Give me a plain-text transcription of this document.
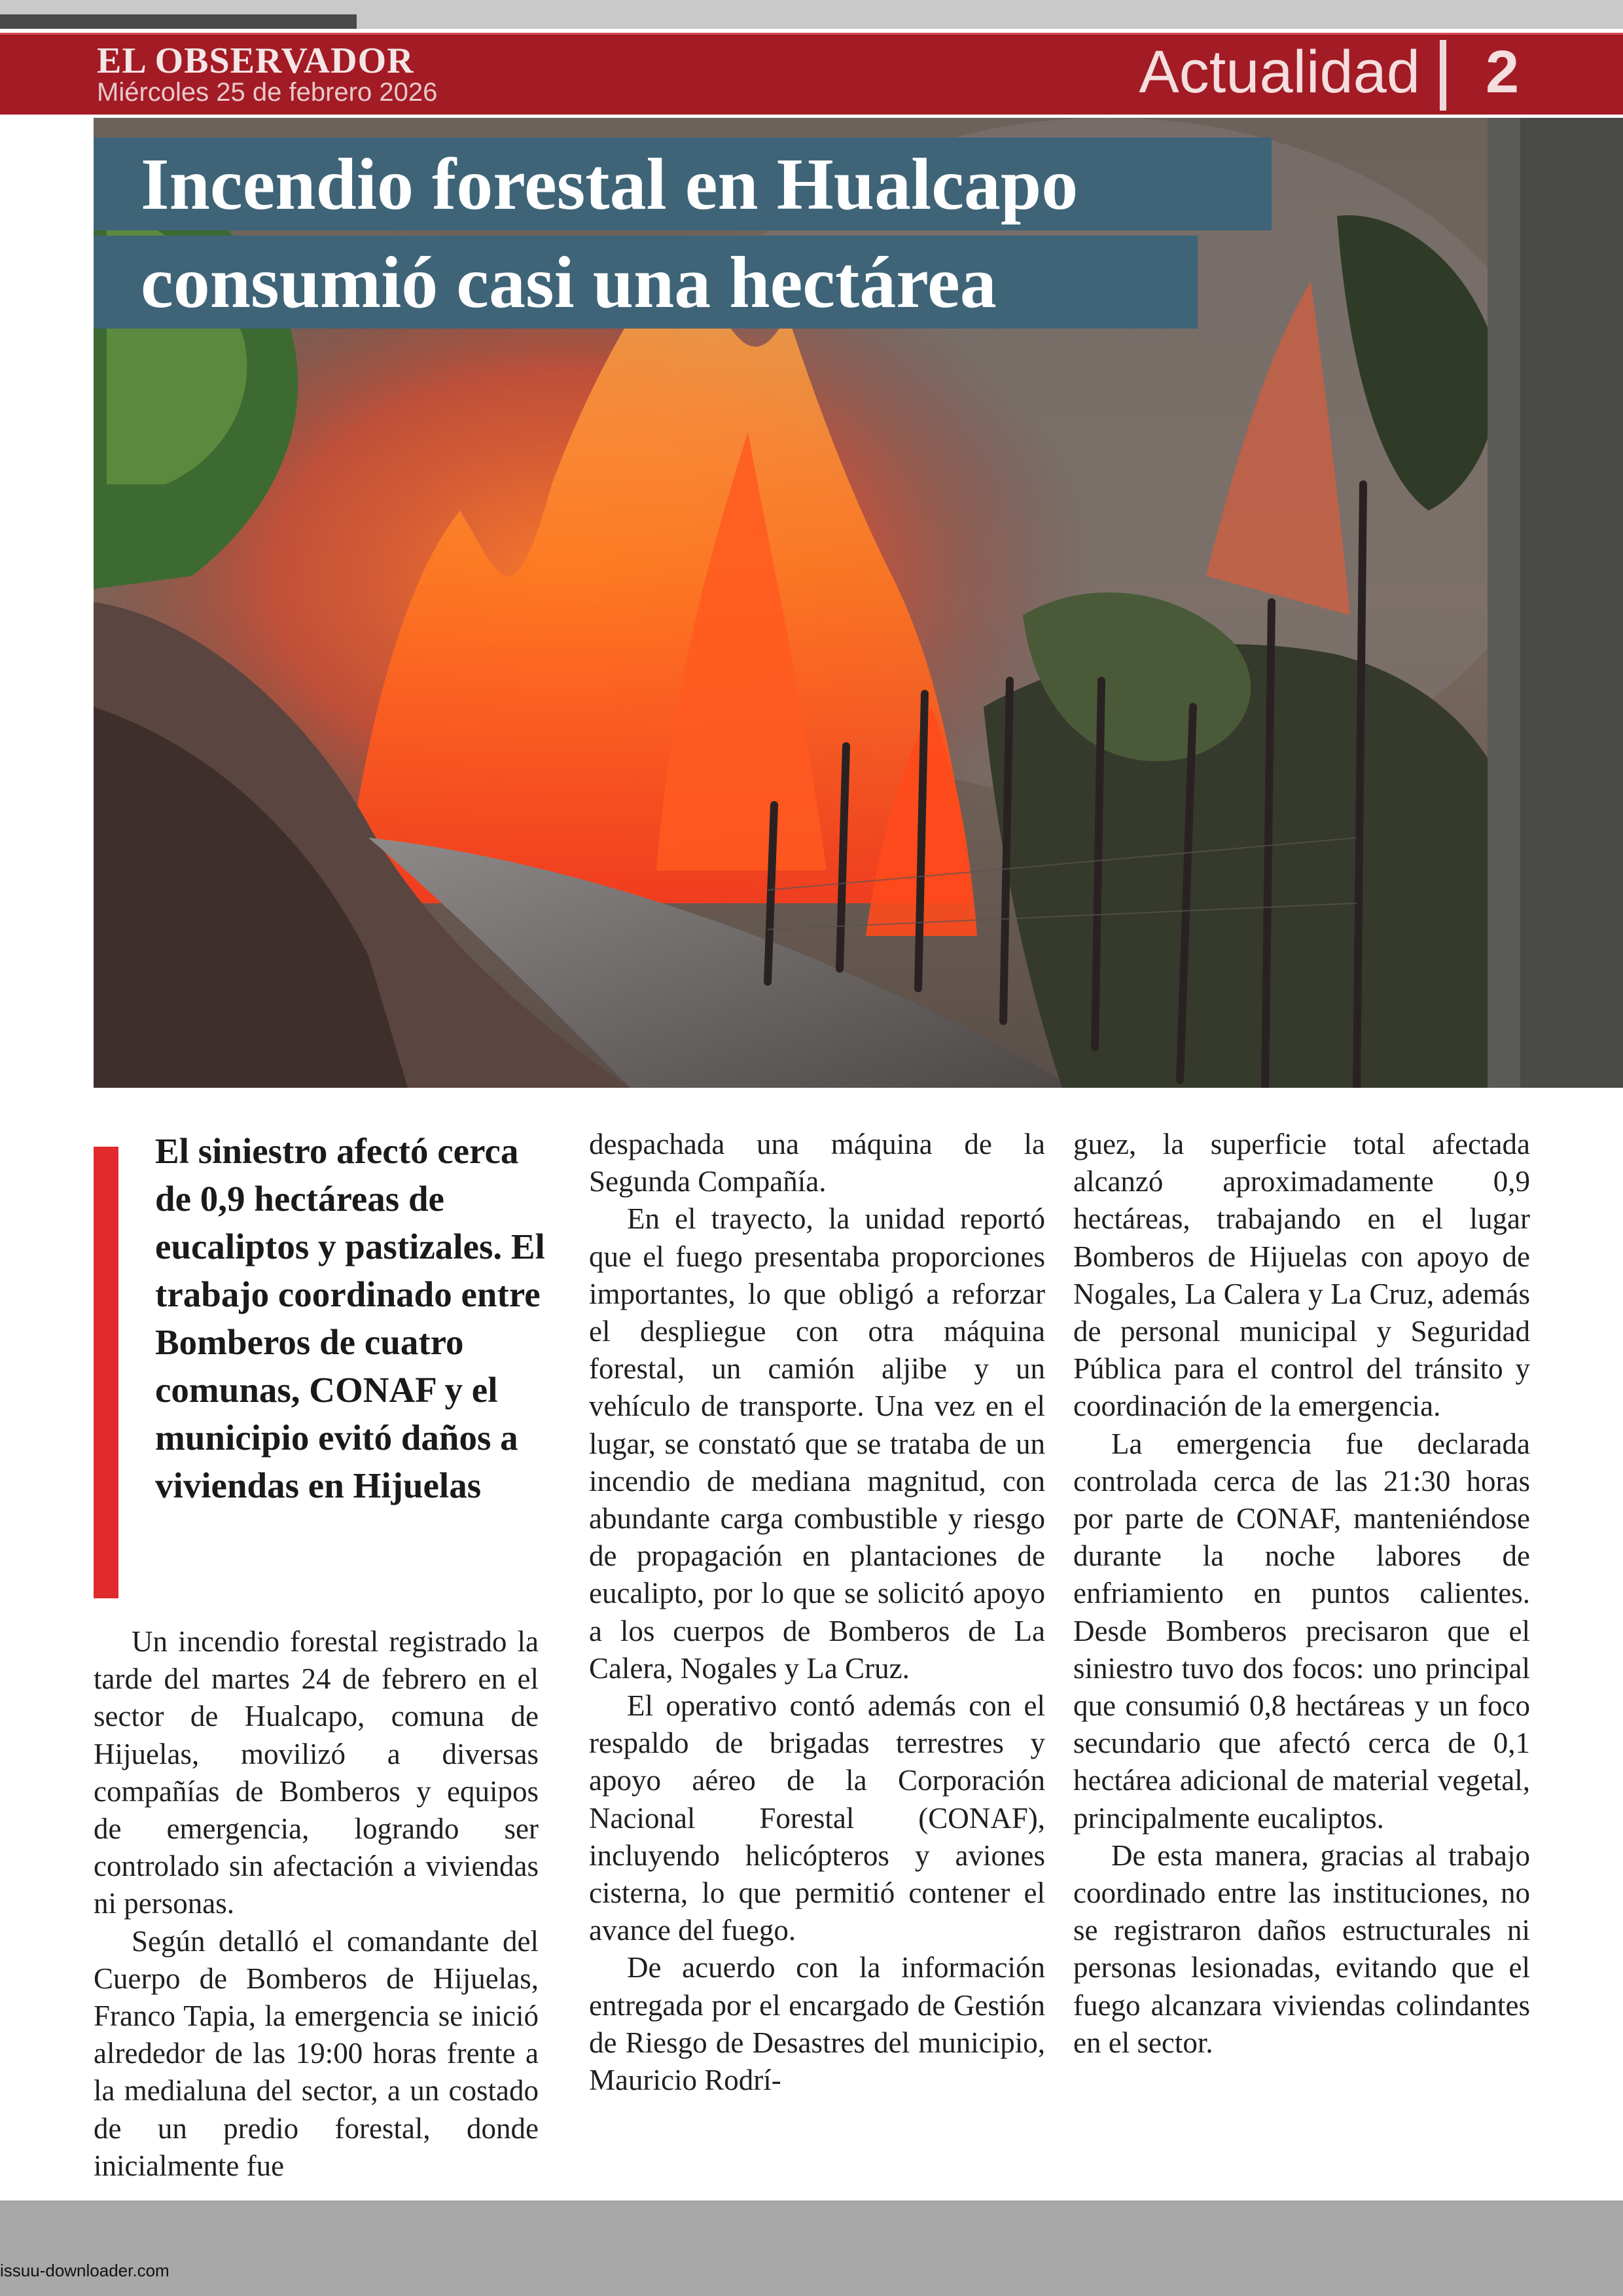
EL OBSERVADOR
Miércoles 25 de febrero 2026	Actualidad 2
Incendio forestal en Hualcapo
consumió casi una hectárea
El siniestro afectó cerca de 0,9 hectáreas de eucaliptos y pastizales. El trabajo coordinado entre Bomberos de cuatro comunas, CONAF y el municipio evitó daños a viviendas en Hijuelas

Un incendio forestal registrado la tarde del martes 24 de febrero en el sector de Hualcapo, comuna de Hijuelas, movilizó a diversas compañías de Bomberos y equipos de emergencia, logrando ser controlado sin afectación a viviendas ni personas.

Según detalló el comandante del Cuerpo de Bomberos de Hijuelas, Franco Tapia, la emergencia se inició alrededor de las 19:00 horas frente a la medialuna del sector, a un costado de un predio forestal, donde inicialmente fue

despachada una máquina de la Segunda Compañía.

En el trayecto, la unidad reportó que el fuego presentaba proporciones importantes, lo que obligó a reforzar el despliegue con otra máquina forestal, un camión aljibe y un vehículo de transporte. Una vez en el lugar, se constató que se trataba de un incendio de mediana magnitud, con abundante carga combustible y riesgo de propagación en plantaciones de eucalipto, por lo que se solicitó apoyo a los cuerpos de Bomberos de La Calera, Nogales y La Cruz.

El operativo contó además con el respaldo de brigadas terrestres y apoyo aéreo de la Corporación Nacional Forestal (CONAF), incluyendo helicópteros y aviones cisterna, lo que permitió contener el avance del fuego.

De acuerdo con la información entregada por el encargado de Gestión de Riesgo de Desastres del municipio, Mauricio Rodrí-

guez, la superficie total afectada alcanzó aproximadamente 0,9 hectáreas, trabajando en el lugar Bomberos de Hijuelas con apoyo de Nogales, La Calera y La Cruz, además de personal municipal y Seguridad Pública para el control del tránsito y coordinación de la emergencia.

La emergencia fue declarada controlada cerca de las 21:30 horas por parte de CONAF, manteniéndose durante la noche labores de enfriamiento en puntos calientes. Desde Bomberos precisaron que el siniestro tuvo dos focos: uno principal que consumió 0,8 hectáreas y un foco secundario que afectó cerca de 0,1 hectárea adicional de material vegetal, principalmente eucaliptos.

De esta manera, gracias al trabajo coordinado entre las instituciones, no se registraron daños estructurales ni personas lesionadas, evitando que el fuego alcanzara viviendas colindantes en el sector.

issuu-downloader.com
